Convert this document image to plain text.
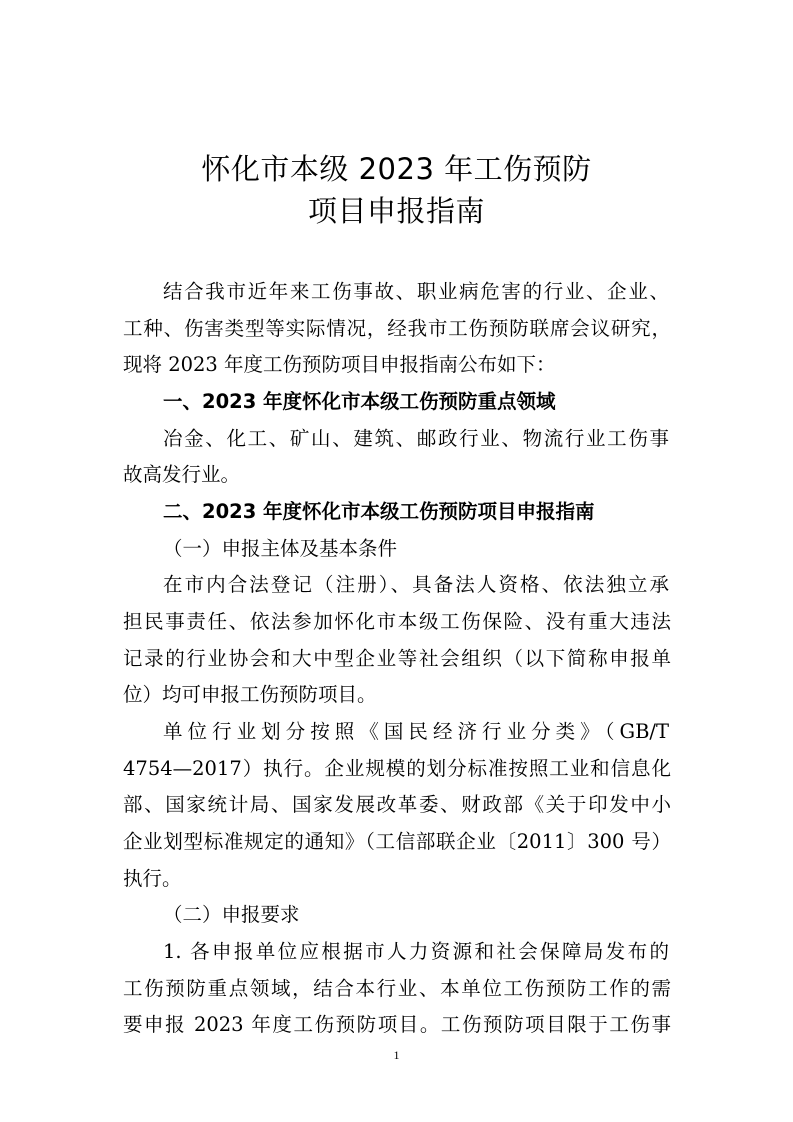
怀化市本级 2023 年工伤预防
项目申报指南
结合我市近年来工伤事故、职业病危害的行业、企业、
工种、伤害类型等实际情况，经我市工伤预防联席会议研究，
现将 2023 年度工伤预防项目申报指南公布如下：
一、2023 年度怀化市本级工伤预防重点领域
冶金、化工、矿山、建筑、邮政行业、物流行业工伤事
故高发行业。
二、2023 年度怀化市本级工伤预防项目申报指南
（一）申报主体及基本条件
在市内合法登记（注册）、具备法人资格、依法独立承
担民事责任、依法参加怀化市本级工伤保险、没有重大违法
记录的行业协会和大中型企业等社会组织（以下简称申报单
位）均可申报工伤预防项目。
单位行业划分按照《国民经济行业分类》（GB/T
4754—2017）执行。企业规模的划分标准按照工业和信息化
部、国家统计局、国家发展改革委、财政部《关于印发中小
企业划型标准规定的通知》（工信部联企业〔2011〕300 号）
执行。
（二）申报要求
1. 各申报单位应根据市人力资源和社会保障局发布的
工伤预防重点领域，结合本行业、本单位工伤预防工作的需
要申报 2023 年度工伤预防项目。工伤预防项目限于工伤事
1
